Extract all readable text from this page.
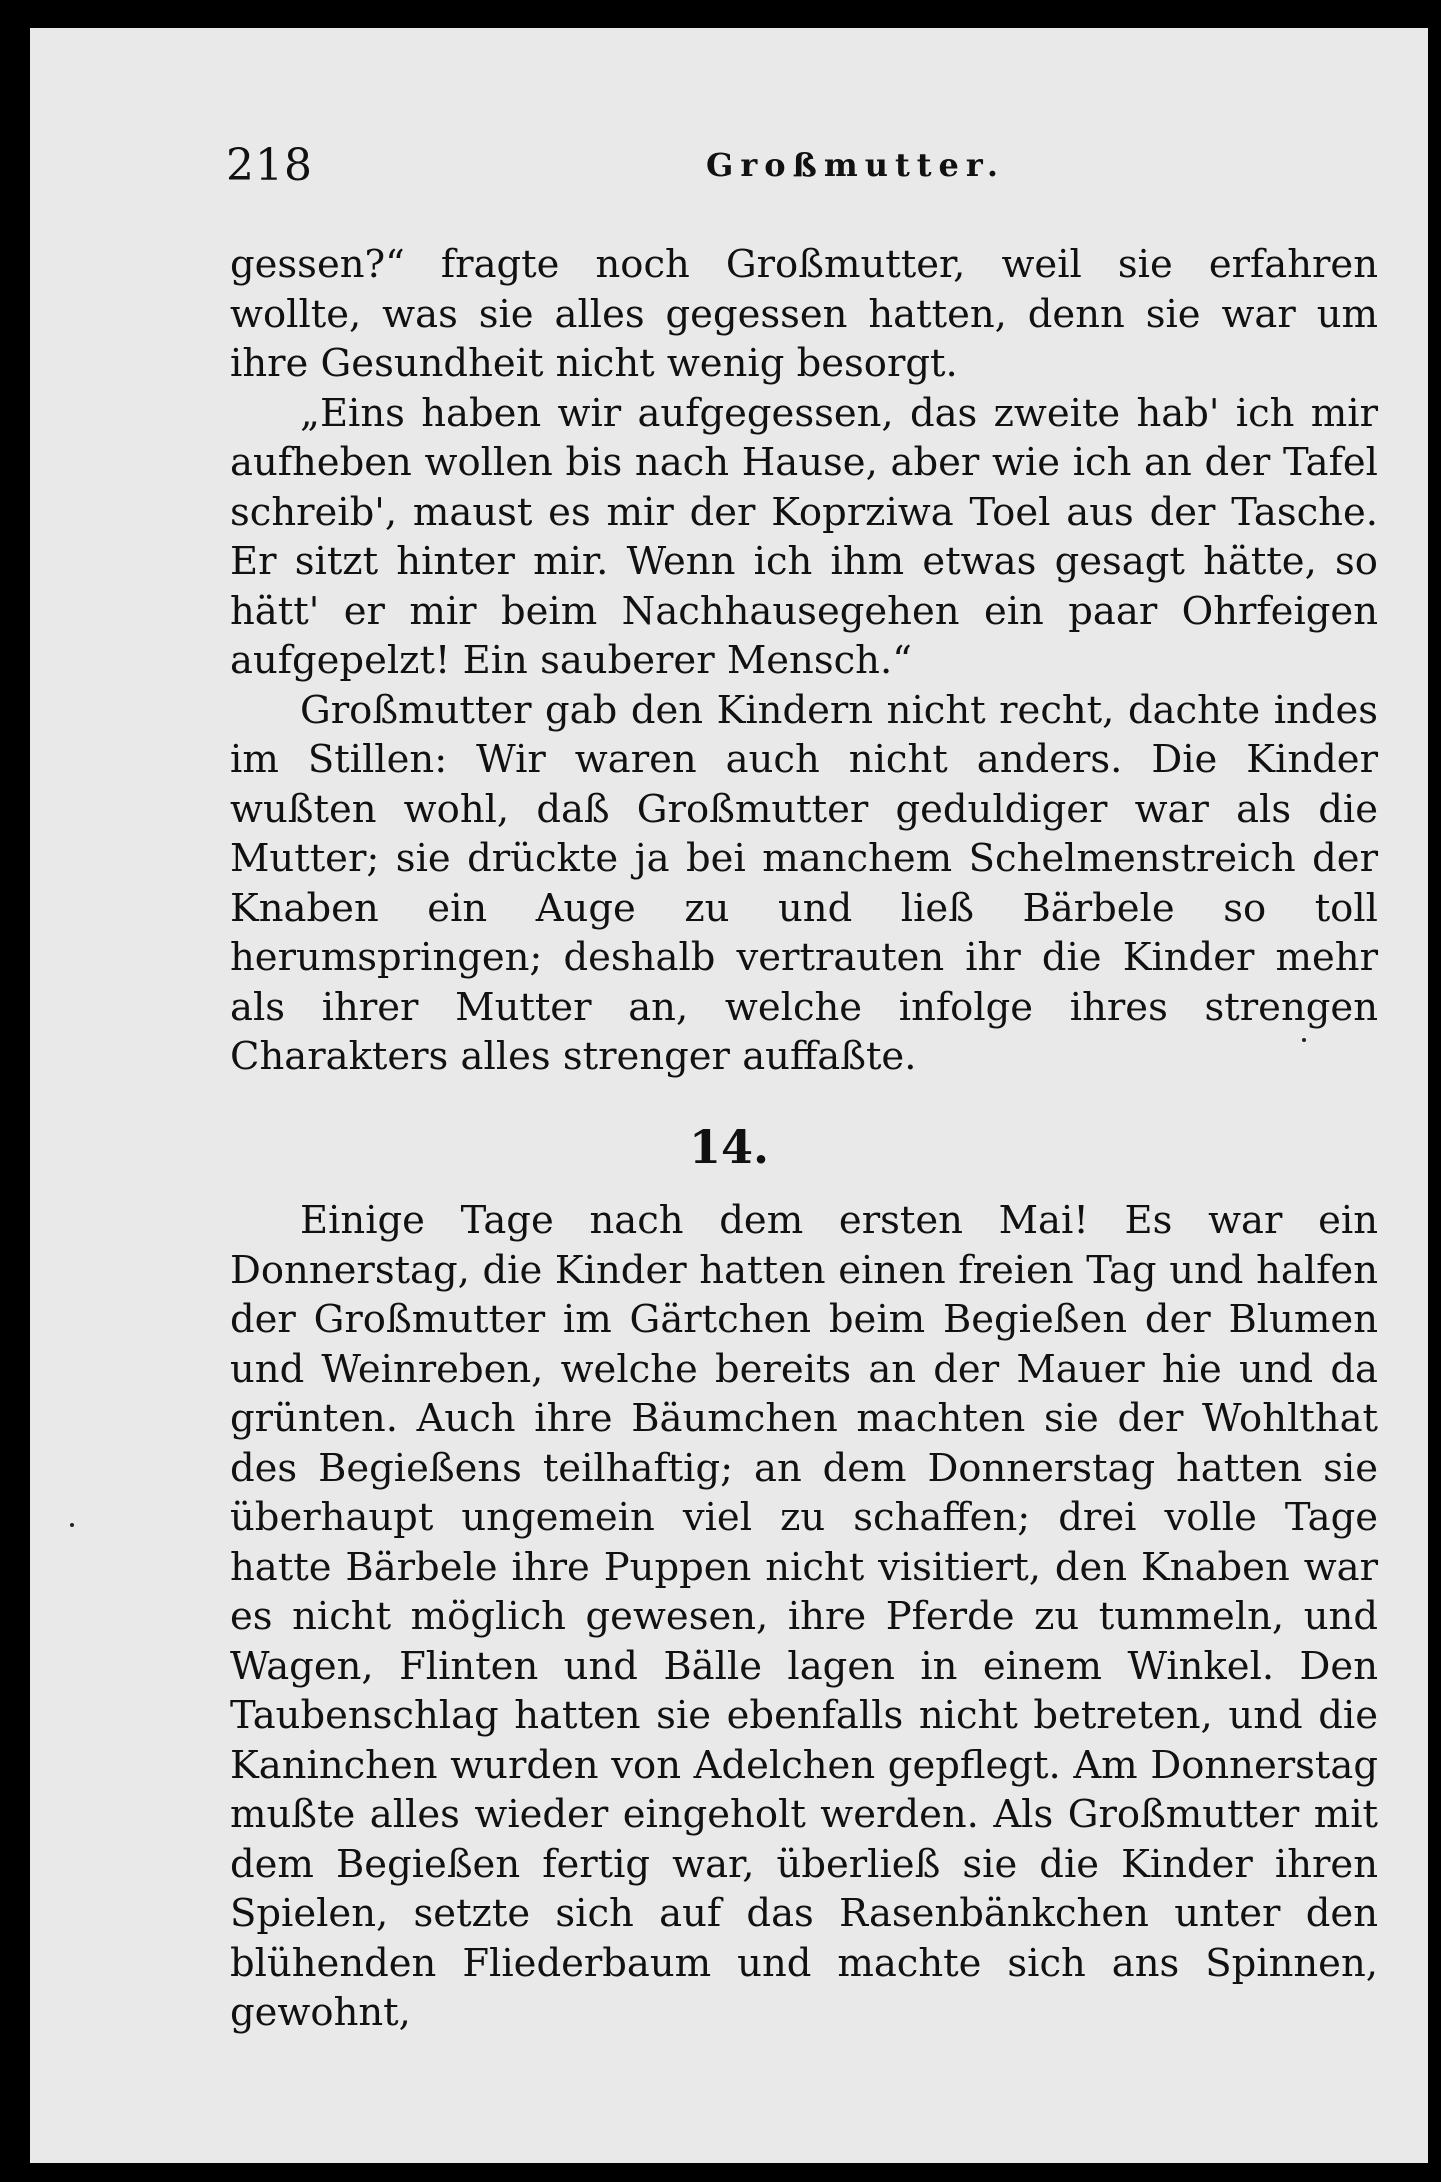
218	Großmutter.

gessen?“ fragte noch Großmutter, weil sie erfahren wollte, was sie alles gegessen hatten, denn sie war um ihre Gesundheit nicht wenig besorgt.

„Eins haben wir aufgegessen, das zweite hab' ich mir aufheben wollen bis nach Hause, aber wie ich an der Tafel schreib', maust es mir der Koprziwa Toel aus der Tasche. Er sitzt hinter mir. Wenn ich ihm etwas gesagt hätte, so hätt' er mir beim Nachhausegehen ein paar Ohrfeigen aufgepelzt! Ein sauberer Mensch.“

Großmutter gab den Kindern nicht recht, dachte indes im Stillen: Wir waren auch nicht anders. Die Kinder wußten wohl, daß Großmutter geduldiger war als die Mutter; sie drückte ja bei manchem Schelmenstreich der Knaben ein Auge zu und ließ Bärbele so toll herumspringen; deshalb vertrauten ihr die Kinder mehr als ihrer Mutter an, welche infolge ihres strengen Charakters alles strenger auffaßte.

14.

Einige Tage nach dem ersten Mai! Es war ein Donnerstag, die Kinder hatten einen freien Tag und halfen der Großmutter im Gärtchen beim Begießen der Blumen und Weinreben, welche bereits an der Mauer hie und da grünten. Auch ihre Bäumchen machten sie der Wohlthat des Begießens teilhaftig; an dem Donnerstag hatten sie überhaupt ungemein viel zu schaffen; drei volle Tage hatte Bärbele ihre Puppen nicht visitiert, den Knaben war es nicht möglich gewesen, ihre Pferde zu tummeln, und Wagen, Flinten und Bälle lagen in einem Winkel. Den Taubenschlag hatten sie ebenfalls nicht betreten, und die Kaninchen wurden von Adelchen gepflegt. Am Donnerstag mußte alles wieder eingeholt werden. Als Großmutter mit dem Begießen fertig war, überließ sie die Kinder ihren Spielen, setzte sich auf das Rasenbänkchen unter den blühenden Fliederbaum und machte sich ans Spinnen, gewohnt,
